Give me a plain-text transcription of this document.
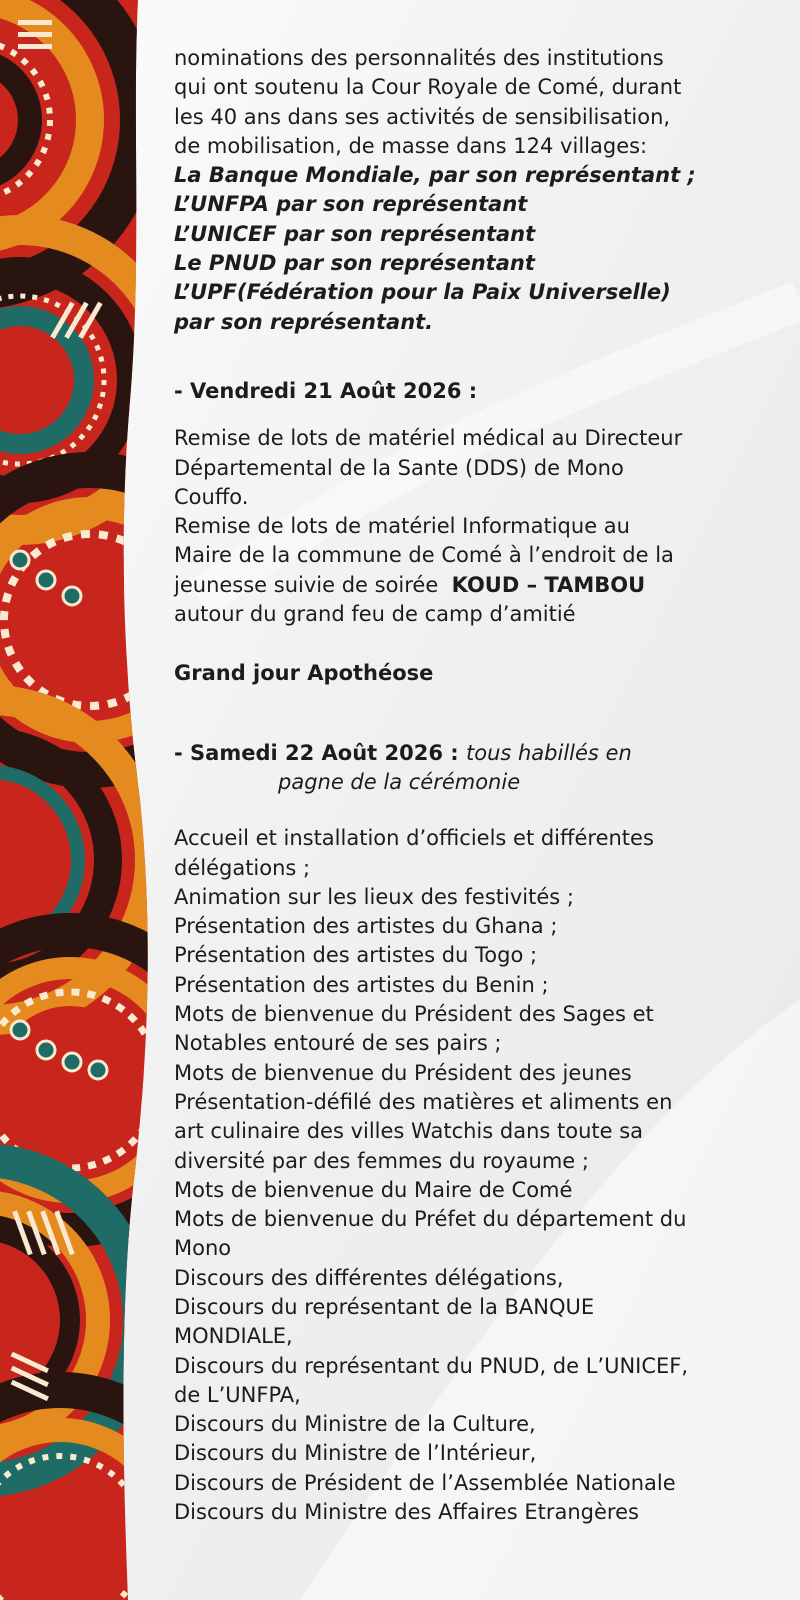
nominations des personnalités des institutions
qui ont soutenu la Cour Royale de Comé, durant
les 40 ans dans ses activités de sensibilisation,
de mobilisation, de masse dans 124 villages:
La Banque Mondiale, par son représentant ;
L’UNFPA par son représentant
L’UNICEF par son représentant
Le PNUD par son représentant
L’UPF(Fédération pour la Paix Universelle)
par son représentant.
- Vendredi 21 Août 2026 :
Remise de lots de matériel médical au Directeur
Départemental de la Sante (DDS) de Mono
Couffo.
Remise de lots de matériel Informatique au
Maire de la commune de Comé à l’endroit de la
jeunesse suivie de soirée  KOUD – TAMBOU
autour du grand feu de camp d’amitié
Grand jour Apothéose
- Samedi 22 Août 2026 : tous habillés en
pagne de la cérémonie
Accueil et installation d’officiels et différentes
délégations ;
Animation sur les lieux des festivités ;
Présentation des artistes du Ghana ;
Présentation des artistes du Togo ;
Présentation des artistes du Benin ;
Mots de bienvenue du Président des Sages et
Notables entouré de ses pairs ;
Mots de bienvenue du Président des jeunes
Présentation-défilé des matières et aliments en
art culinaire des villes Watchis dans toute sa
diversité par des femmes du royaume ;
Mots de bienvenue du Maire de Comé
Mots de bienvenue du Préfet du département du
Mono
Discours des différentes délégations,
Discours du représentant de la BANQUE
MONDIALE,
Discours du représentant du PNUD, de L’UNICEF,
de L’UNFPA,
Discours du Ministre de la Culture,
Discours du Ministre de l’Intérieur,
Discours de Président de l’Assemblée Nationale
Discours du Ministre des Affaires Etrangères
